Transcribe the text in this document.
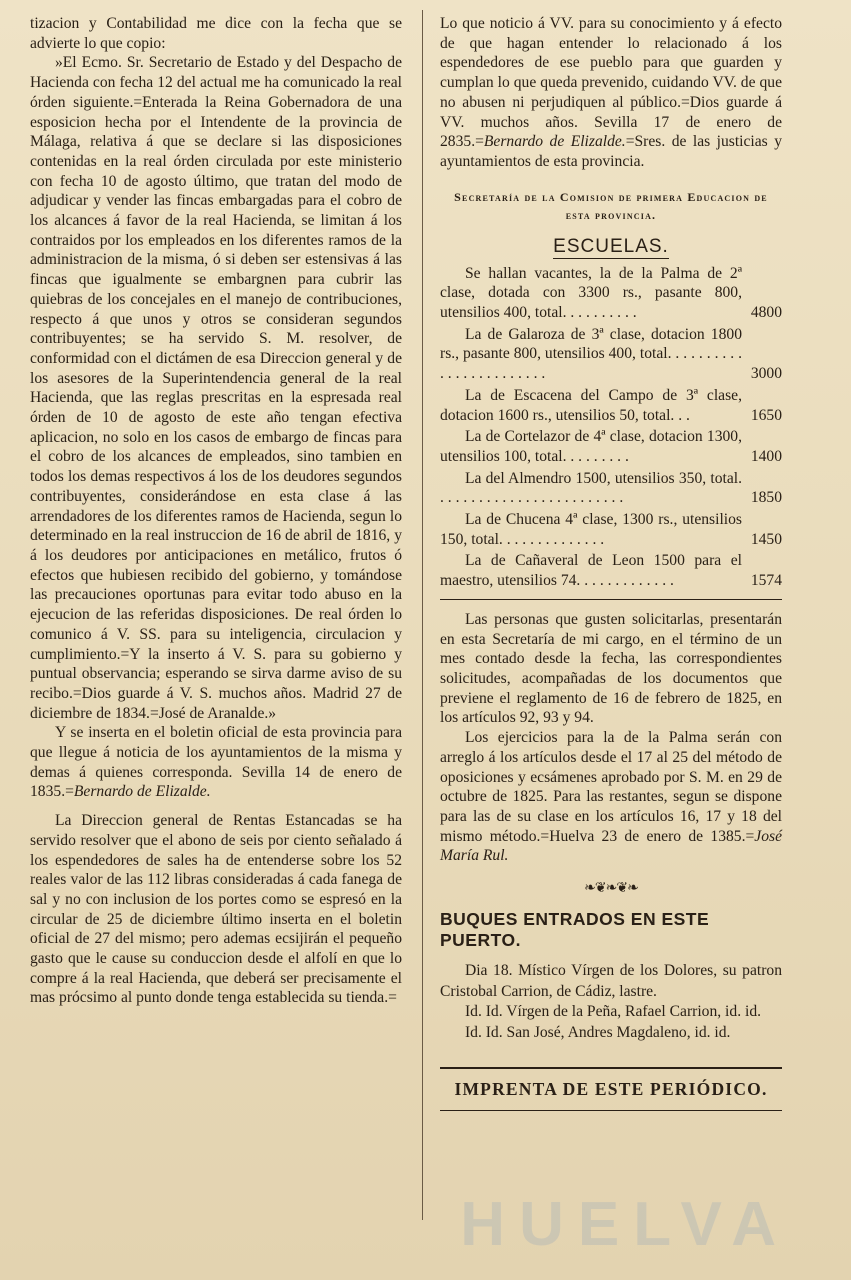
tizacion y Contabilidad me dice con la fecha que se advierte lo que copio:

»El Ecmo. Sr. Secretario de Estado y del Despacho de Hacienda con fecha 12 del actual me ha comunicado la real órden siguiente.=Enterada la Reina Gobernadora de una esposicion hecha por el Intendente de la provincia de Málaga, relativa á que se declare si las disposiciones contenidas en la real órden circulada por este ministerio con fecha 10 de agosto último, que tratan del modo de adjudicar y vender las fincas embargadas para el cobro de los alcances á favor de la real Hacienda, se limitan á los contraidos por los empleados en los diferentes ramos de la administracion de la misma, ó si deben ser estensivas á las fincas que igualmente se embargnen para cubrir las quiebras de los concejales en el manejo de contribuciones, respecto á que unos y otros se consideran segundos contribuyentes; se ha servido S. M. resolver, de conformidad con el dictámen de esa Direccion general y de los asesores de la Superintendencia general de la real Hacienda, que las reglas prescritas en la espresada real órden de 10 de agosto de este año tengan efectiva aplicacion, no solo en los casos de embargo de fincas para el cobro de los alcances de empleados, sino tambien en todos los demas respectivos á los de los deudores segundos contribuyentes, considerándose en esta clase á las arrendadores de los diferentes ramos de Hacienda, segun lo determinado en la real instruccion de 16 de abril de 1816, y á los deudores por anticipaciones en metálico, frutos ó efectos que hubiesen recibido del gobierno, y tomándose las precauciones oportunas para evitar todo abuso en la ejecucion de las referidas disposiciones. De real órden lo comunico á V. SS. para su inteligencia, circulacion y cumplimiento.=Y la inserto á V. S. para su gobierno y puntual observancia; esperando se sirva darme aviso de su recibo.=Dios guarde á V. S. muchos años. Madrid 27 de diciembre de 1834.=José de Aranalde.»

Y se inserta en el boletin oficial de esta provincia para que llegue á noticia de los ayuntamientos de la misma y demas á quienes corresponda. Sevilla 14 de enero de 1835.=Bernardo de Elizalde.

La Direccion general de Rentas Estancadas se ha servido resolver que el abono de seis por ciento señalado á los espendedores de sales ha de entenderse sobre los 52 reales valor de las 112 libras consideradas á cada fanega de sal y no con inclusion de los portes como se espresó en la circular de 25 de diciembre último inserta en el boletin oficial de 27 del mismo; pero ademas ecsijirán el pequeño gasto que le cause su conduccion desde el alfolí en que lo compre á la real Hacienda, que deberá ser precisamente el mas prócsimo al punto donde tenga establecida su tienda.=

Lo que noticio á VV. para su conocimiento y á efecto de que hagan entender lo relacionado á los espendedores de ese pueblo para que guarden y cumplan lo que queda prevenido, cuidando VV. de que no abusen ni perjudiquen al público.=Dios guarde á VV. muchos años. Sevilla 17 de enero de 2835.=Bernardo de Elizalde.=Sres. de las justicias y ayuntamientos de esta provincia.

Secretaría de la Comision de primera Educacion de esta provincia.
ESCUELAS.
Se hallan vacantes, la de la Palma de 2ª clase, dotada con 3300 rs., pasante 800, utensilios 400, total. . . . . . . . . .	4800
La de Galaroza de 3ª clase, dotacion 1800 rs., pasante 800, utensilios 400, total. . . . . . . . . . . . . . . . . . . . . . . .	3000
La de Escacena del Campo de 3ª clase, dotacion 1600 rs., utensilios 50, total. . .	1650
La de Cortelazor de 4ª clase, dotacion 1300, utensilios 100, total. . . . . . . . .	1400
La del Almendro 1500, utensilios 350, total. . . . . . . . . . . . . . . . . . . . . . . . .	1850
La de Chucena 4ª clase, 1300 rs., utensilios 150, total. . . . . . . . . . . . . .	1450
La de Cañaveral de Leon 1500 para el maestro, utensilios 74. . . . . . . . . . . . .	1574

Las personas que gusten solicitarlas, presentarán en esta Secretaría de mi cargo, en el término de un mes contado desde la fecha, las correspondientes solicitudes, acompañadas de los documentos que previene el reglamento de 16 de febrero de 1825, en los artículos 92, 93 y 94.

Los ejercicios para la de la Palma serán con arreglo á los artículos desde el 17 al 25 del método de oposiciones y ecsámenes aprobado por S. M. en 29 de octubre de 1825. Para las restantes, segun se dispone para las de su clase en los artículos 16, 17 y 18 del mismo método.=Huelva 23 de enero de 1385.=José María Rul.

❧❦❧❦❧
BUQUES ENTRADOS EN ESTE PUERTO.

Dia 18. Místico Vírgen de los Dolores, su patron Cristobal Carrion, de Cádiz, lastre.

Id. Id. Vírgen de la Peña, Rafael Carrion, id. id.

Id. Id. San José, Andres Magdaleno, id. id.

IMPRENTA DE ESTE PERIÓDICO.
HUELVA
